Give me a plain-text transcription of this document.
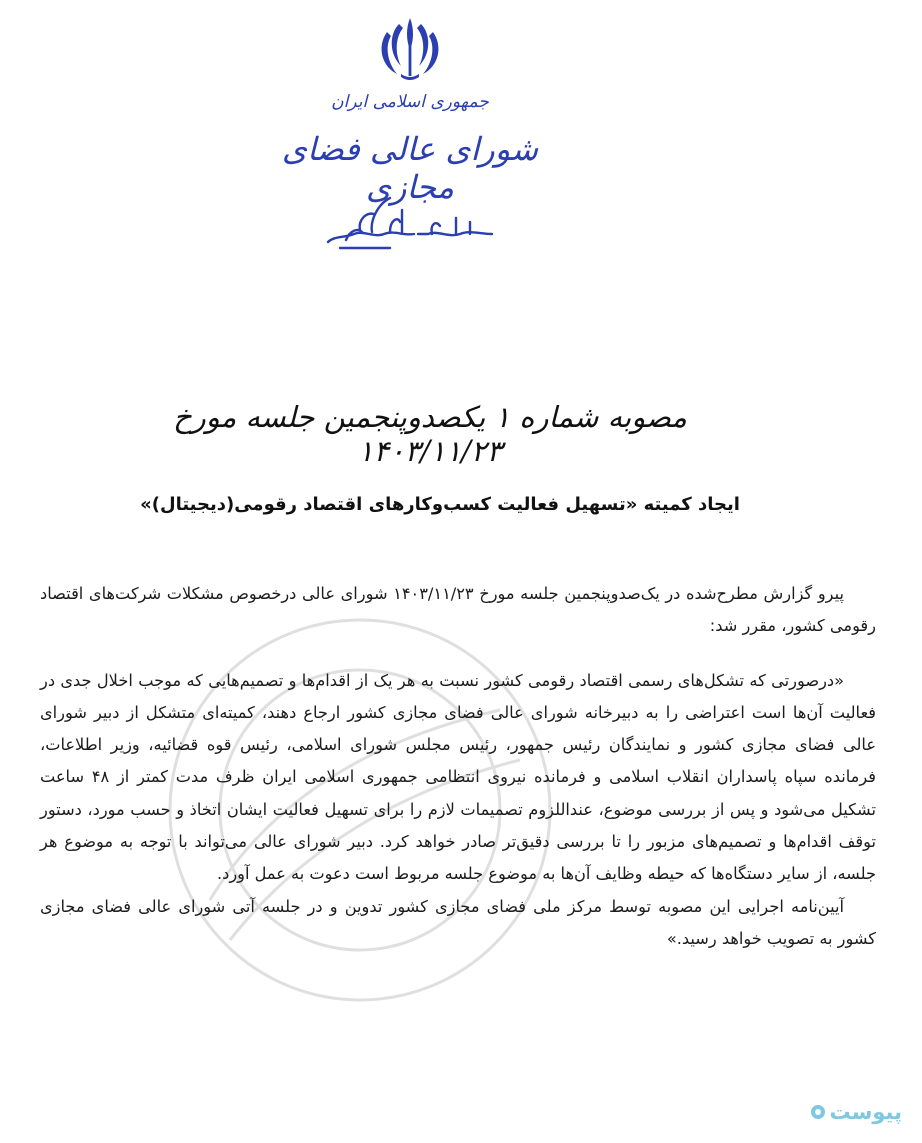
جمهوری اسلامی ایران
شورای عالی فضای مجازی
مصوبه شماره ۱ یکصدوپنجمین جلسه مورخ ۱۴۰۳/۱۱/۲۳
ایجاد کمیته «تسهیل فعالیت کسب‌وکارهای اقتصاد رقومی(دیجیتال)»

پیرو گزارش مطرح‌شده در یک‌صدوپنجمین جلسه مورخ ۱۴۰۳/۱۱/۲۳ شورای عالی درخصوص مشکلات شرکت‌های اقتصاد رقومی کشور، مقرر شد:

«درصورتی که تشکل‌های رسمی اقتصاد رقومی کشور نسبت به هر یک از اقدام‌ها و تصمیم‌هایی که موجب اخلال جدی در فعالیت آن‌ها است اعتراضی را به دبیرخانه شورای عالی فضای مجازی کشور ارجاع دهند، کمیته‌ای متشکل از دبیر شورای عالی فضای مجازی کشور و نمایندگان رئیس جمهور، رئیس مجلس شورای اسلامی، رئیس قوه قضائیه، وزیر اطلاعات، فرمانده سپاه پاسداران انقلاب اسلامی و فرمانده نیروی انتظامی جمهوری اسلامی ایران ظرف مدت کمتر از ۴۸ ساعت تشکیل می‌شود و پس از بررسی موضوع، عنداللزوم تصمیمات لازم را برای تسهیل فعالیت ایشان اتخاذ و حسب مورد، دستور توقف اقدام‌ها و تصمیم‌های مزبور را تا بررسی دقیق‌تر صادر خواهد کرد. دبیر شورای عالی می‌تواند با توجه به موضوع هر جلسه، از سایر دستگاه‌ها که حیطه وظایف آن‌ها به موضوع جلسه مربوط است دعوت به عمل آورد.

آیین‌نامه اجرایی این مصوبه توسط مرکز ملی فضای مجازی کشور تدوین و در جلسه آتی شورای عالی فضای مجازی کشور به تصویب خواهد رسید.»

پیوست
